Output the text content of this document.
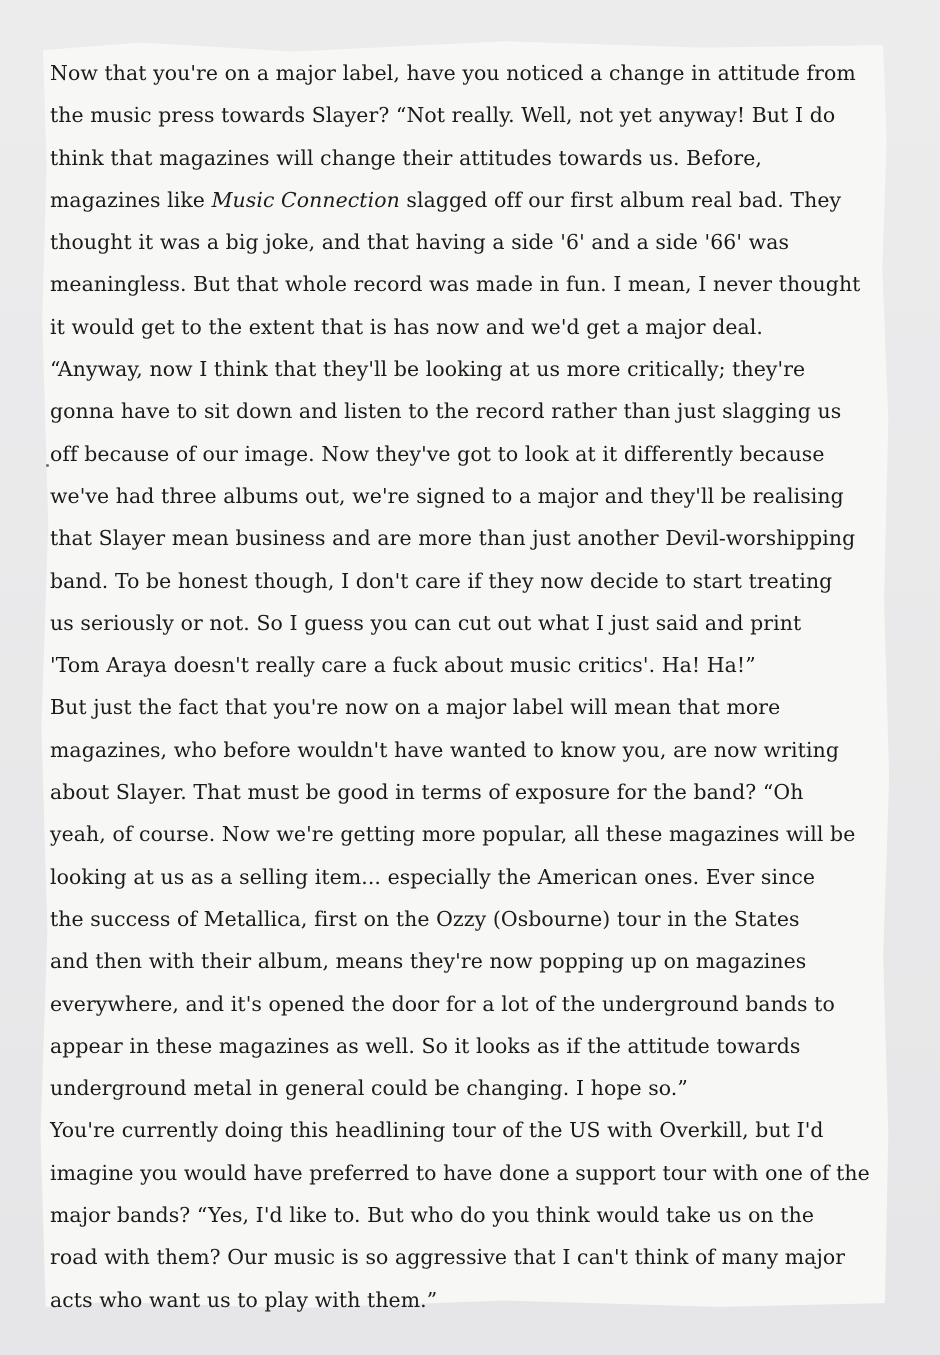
Now that you're on a major label, have you noticed a change in attitude from
the music press towards Slayer? “Not really. Well, not yet anyway! But I do
think that magazines will change their attitudes towards us. Before,
magazines like Music Connection slagged off our first album real bad. They
thought it was a big joke, and that having a side '6' and a side '66' was
meaningless. But that whole record was made in fun. I mean, I never thought
it would get to the extent that is has now and we'd get a major deal.
“Anyway, now I think that they'll be looking at us more critically; they're
gonna have to sit down and listen to the record rather than just slagging us
off because of our image. Now they've got to look at it differently because
we've had three albums out, we're signed to a major and they'll be realising
that Slayer mean business and are more than just another Devil-worshipping
band. To be honest though, I don't care if they now decide to start treating
us seriously or not. So I guess you can cut out what I just said and print
'Tom Araya doesn't really care a fuck about music critics'. Ha! Ha!”
But just the fact that you're now on a major label will mean that more
magazines, who before wouldn't have wanted to know you, are now writing
about Slayer. That must be good in terms of exposure for the band? “Oh
yeah, of course. Now we're getting more popular, all these magazines will be
looking at us as a selling item... especially the American ones. Ever since
the success of Metallica, first on the Ozzy (Osbourne) tour in the States
and then with their album, means they're now popping up on magazines
everywhere, and it's opened the door for a lot of the underground bands to
appear in these magazines as well. So it looks as if the attitude towards
underground metal in general could be changing. I hope so.”
You're currently doing this headlining tour of the US with Overkill, but I'd
imagine you would have preferred to have done a support tour with one of the
major bands? “Yes, I'd like to. But who do you think would take us on the
road with them? Our music is so aggressive that I can't think of many major
acts who want us to play with them.”
